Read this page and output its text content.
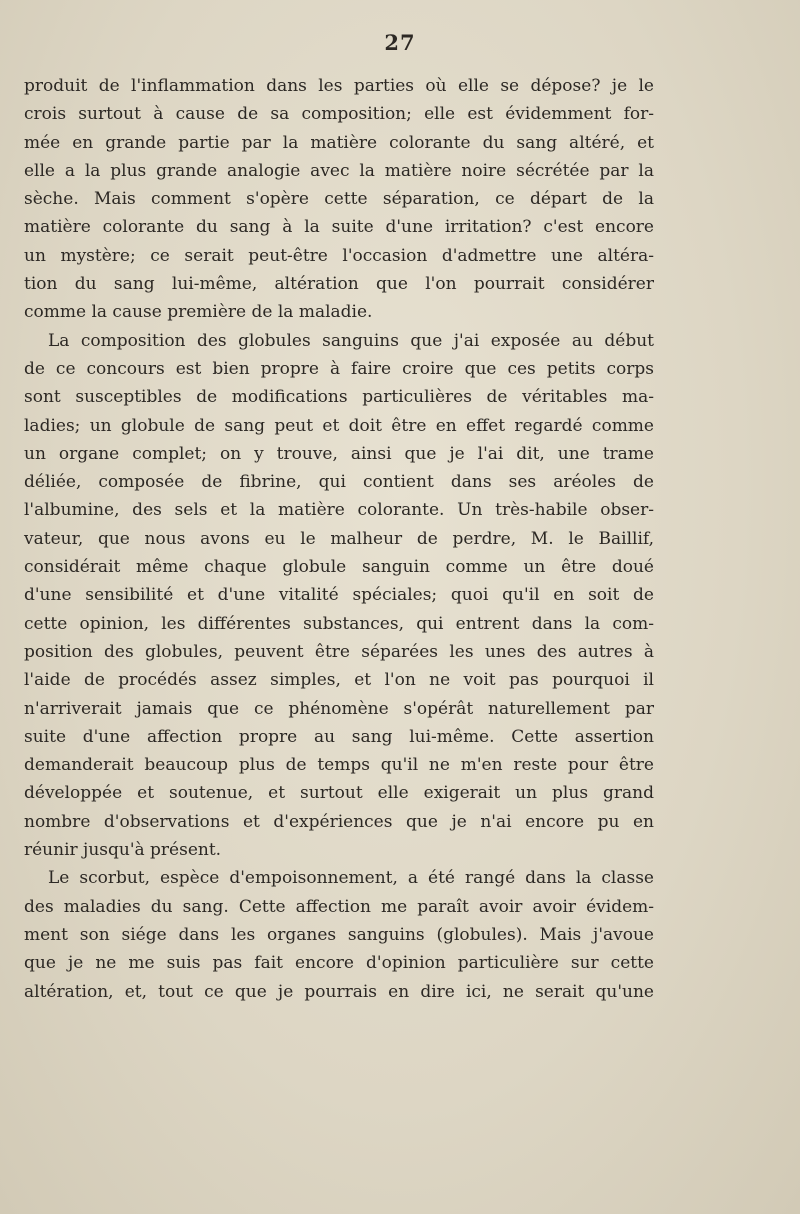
27
produit de l'inflammation dans les parties où elle se dépose? je le
crois surtout à cause de sa composition; elle est évidemment for-
mée en grande partie par la matière colorante du sang altéré, et
elle a la plus grande analogie avec la matière noire sécrétée par la
sèche. Mais comment s'opère cette séparation, ce départ de la
matière colorante du sang à la suite d'une irritation? c'est encore
un mystère; ce serait peut-être l'occasion d'admettre une altéra-
tion du sang lui-même, altération que l'on pourrait considérer
comme la cause première de la maladie.
La composition des globules sanguins que j'ai exposée au début
de ce concours est bien propre à faire croire que ces petits corps
sont susceptibles de modifications particulières de véritables ma-
ladies; un globule de sang peut et doit être en effet regardé comme
un organe complet; on y trouve, ainsi que je l'ai dit, une trame
déliée, composée de fibrine, qui contient dans ses aréoles de
l'albumine, des sels et la matière colorante. Un très-habile obser-
vateur, que nous avons eu le malheur de perdre, M. le Baillif,
considérait même chaque globule sanguin comme un être doué
d'une sensibilité et d'une vitalité spéciales; quoi qu'il en soit de
cette opinion, les différentes substances, qui entrent dans la com-
position des globules, peuvent être séparées les unes des autres à
l'aide de procédés assez simples, et l'on ne voit pas pourquoi il
n'arriverait jamais que ce phénomène s'opérât naturellement par
suite d'une affection propre au sang lui-même. Cette assertion
demanderait beaucoup plus de temps qu'il ne m'en reste pour être
développée et soutenue, et surtout elle exigerait un plus grand
nombre d'observations et d'expériences que je n'ai encore pu en
réunir jusqu'à présent.
Le scorbut, espèce d'empoisonnement, a été rangé dans la classe
des maladies du sang. Cette affection me paraît avoir avoir évidem-
ment son siége dans les organes sanguins (globules). Mais j'avoue
que je ne me suis pas fait encore d'opinion particulière sur cette
altération, et, tout ce que je pourrais en dire ici, ne serait qu'une
